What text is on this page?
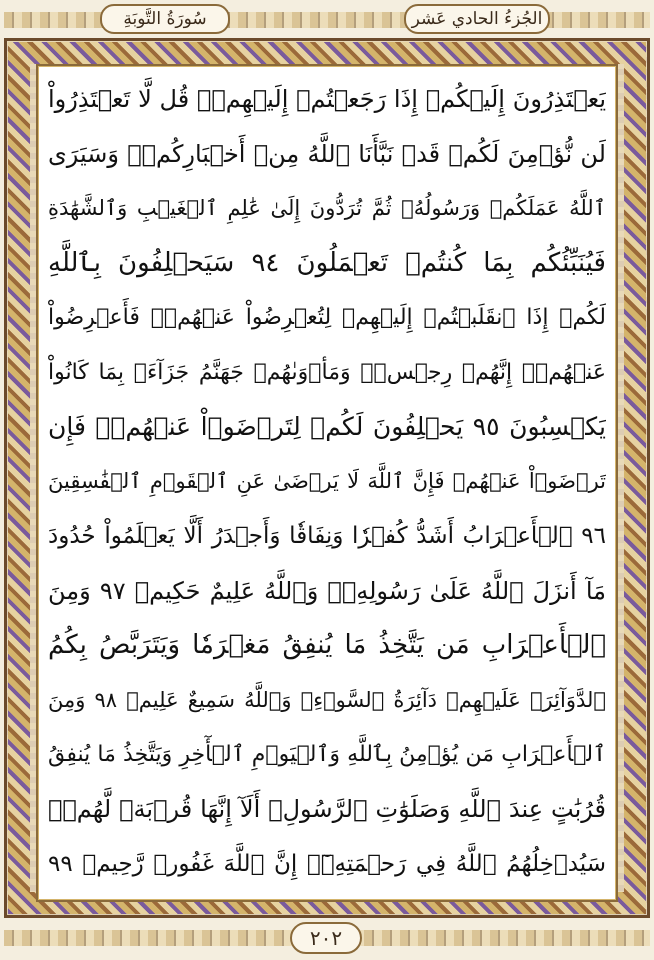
سُورَةُ التَّوبَةِ	الجُزءُ الحادي عَشر
يَعۡتَذِرُونَ إِلَيۡكُمۡ إِذَا رَجَعۡتُمۡ إِلَيۡهِمۡۚ قُل لَّا تَعۡتَذِرُواْ
لَن نُّؤۡمِنَ لَكُمۡ قَدۡ نَبَّأَنَا ٱللَّهُ مِنۡ أَخۡبَارِكُمۡۚ وَسَيَرَى
ٱللَّهُ عَمَلَكُمۡ وَرَسُولُهُۥ ثُمَّ تُرَدُّونَ إِلَىٰ عَٰلِمِ ٱلۡغَيۡبِ وَٱلشَّهَٰدَةِ
فَيُنَبِّئُكُم بِمَا كُنتُمۡ تَعۡمَلُونَ ٩٤ سَيَحۡلِفُونَ بِٱللَّهِ
لَكُمۡ إِذَا ٱنقَلَبۡتُمۡ إِلَيۡهِمۡ لِتُعۡرِضُواْ عَنۡهُمۡۖ فَأَعۡرِضُواْ
عَنۡهُمۡۖ إِنَّهُمۡ رِجۡسٞۖ وَمَأۡوَىٰهُمۡ جَهَنَّمُ جَزَآءَۢ بِمَا كَانُواْ
يَكۡسِبُونَ ٩٥ يَحۡلِفُونَ لَكُمۡ لِتَرۡضَوۡاْ عَنۡهُمۡۖ فَإِن
تَرۡضَوۡاْ عَنۡهُمۡ فَإِنَّ ٱللَّهَ لَا يَرۡضَىٰ عَنِ ٱلۡقَوۡمِ ٱلۡفَٰسِقِينَ
٩٦ ٱلۡأَعۡرَابُ أَشَدُّ كُفۡرٗا وَنِفَاقٗا وَأَجۡدَرُ أَلَّا يَعۡلَمُواْ حُدُودَ
مَآ أَنزَلَ ٱللَّهُ عَلَىٰ رَسُولِهِۦۗ وَٱللَّهُ عَلِيمٌ حَكِيمٞ ٩٧ وَمِنَ
ٱلۡأَعۡرَابِ مَن يَتَّخِذُ مَا يُنفِقُ مَغۡرَمٗا وَيَتَرَبَّصُ بِكُمُ
ٱلدَّوَآئِرَۚ عَلَيۡهِمۡ دَآئِرَةُ ٱلسَّوۡءِۗ وَٱللَّهُ سَمِيعٌ عَلِيمٞ ٩٨ وَمِنَ
ٱلۡأَعۡرَابِ مَن يُؤۡمِنُ بِٱللَّهِ وَٱلۡيَوۡمِ ٱلۡأٓخِرِ وَيَتَّخِذُ مَا يُنفِقُ
قُرُبَٰتٍ عِندَ ٱللَّهِ وَصَلَوَٰتِ ٱلرَّسُولِۚ أَلَآ إِنَّهَا قُرۡبَةٞ لَّهُمۡۚ
سَيُدۡخِلُهُمُ ٱللَّهُ فِي رَحۡمَتِهِۦٓۚ إِنَّ ٱللَّهَ غَفُورٞ رَّحِيمٞ ٩٩
٢٠٢
